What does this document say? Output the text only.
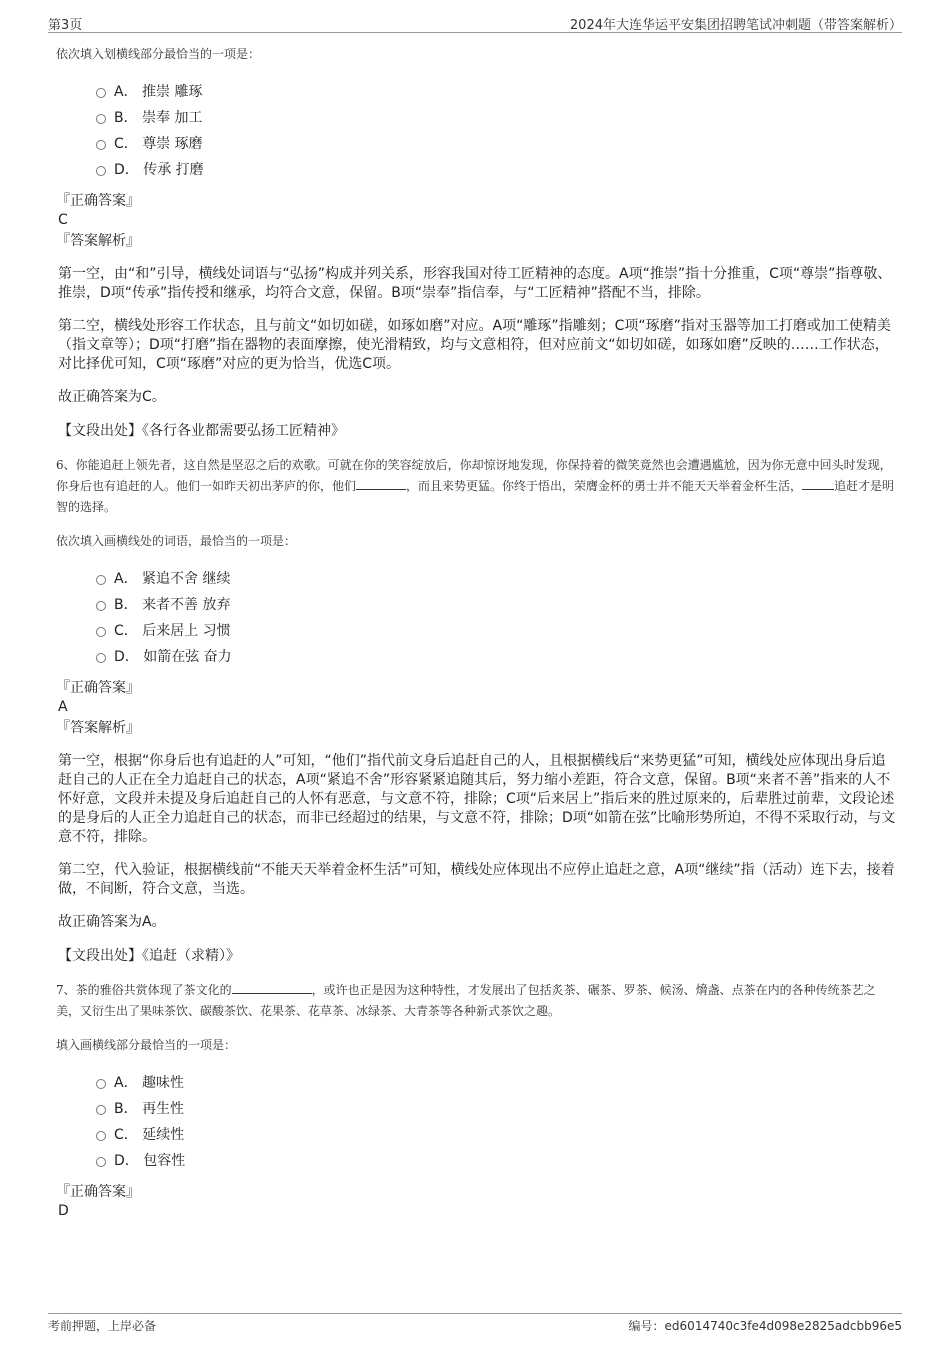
第3页	2024年大连华运平安集团招聘笔试冲刺题（带答案解析）

依次填入划横线部分最恰当的一项是：

A． 推崇 雕琢
B． 崇奉 加工
C． 尊崇 琢磨
D． 传承 打磨

『正确答案』

C

『答案解析』

第一空，由“和”引导，横线处词语与“弘扬”构成并列关系，形容我国对待工匠精神的态度。A项“推崇”指十分推重，C项“尊崇”指尊敬、推崇，D项“传承”指传授和继承，均符合文意，保留。B项“崇奉”指信奉，与“工匠精神”搭配不当，排除。

第二空，横线处形容工作状态，且与前文“如切如磋，如琢如磨”对应。A项“雕琢”指雕刻；C项“琢磨”指对玉器等加工打磨或加工使精美（指文章等）；D项“打磨”指在器物的表面摩擦，使光滑精致，均与文意相符，但对应前文“如切如磋，如琢如磨”反映的……工作状态，对比择优可知，C项“琢磨”对应的更为恰当，优选C项。

故正确答案为C。

【文段出处】《各行各业都需要弘扬工匠精神》

6、你能追赶上领先者，这自然是坚忍之后的欢歌。可就在你的笑容绽放后，你却惊讶地发现，你保持着的微笑竟然也会遭遇尴尬，因为你无意中回头时发现，你身后也有追赶的人。他们一如昨天初出茅庐的你，他们	，而且来势更猛。你终于悟出，荣膺金杯的勇士并不能天天举着金杯生活，	追赶才是明智的选择。

依次填入画横线处的词语，最恰当的一项是：

A． 紧追不舍 继续
B． 来者不善 放弃
C． 后来居上 习惯
D． 如箭在弦 奋力

『正确答案』

A

『答案解析』

第一空，根据“你身后也有追赶的人”可知，“他们”指代前文身后追赶自己的人，且根据横线后“来势更猛”可知，横线处应体现出身后追赶自己的人正在全力追赶自己的状态，A项“紧追不舍”形容紧紧追随其后，努力缩小差距，符合文意，保留。B项“来者不善”指来的人不怀好意，文段并未提及身后追赶自己的人怀有恶意，与文意不符，排除；C项“后来居上”指后来的胜过原来的，后辈胜过前辈，文段论述的是身后的人正全力追赶自己的状态，而非已经超过的结果，与文意不符，排除；D项“如箭在弦”比喻形势所迫，不得不采取行动，与文意不符，排除。

第二空，代入验证，根据横线前“不能天天举着金杯生活”可知，横线处应体现出不应停止追赶之意，A项“继续”指（活动）连下去，接着做，不间断，符合文意，当选。

故正确答案为A。

【文段出处】《追赶（求精）》

7、茶的雅俗共赏体现了茶文化的	，或许也正是因为这种特性，才发展出了包括炙茶、碾茶、罗茶、候汤、熁盏、点茶在内的各种传统茶艺之美，又衍生出了果味茶饮、碳酸茶饮、花果茶、花草茶、冰绿茶、大青茶等各种新式茶饮之趣。

填入画横线部分最恰当的一项是：

A． 趣味性
B． 再生性
C． 延续性
D． 包容性

『正确答案』

D

考前押题，上岸必备	编号：ed6014740c3fe4d098e2825adcbb96e5
